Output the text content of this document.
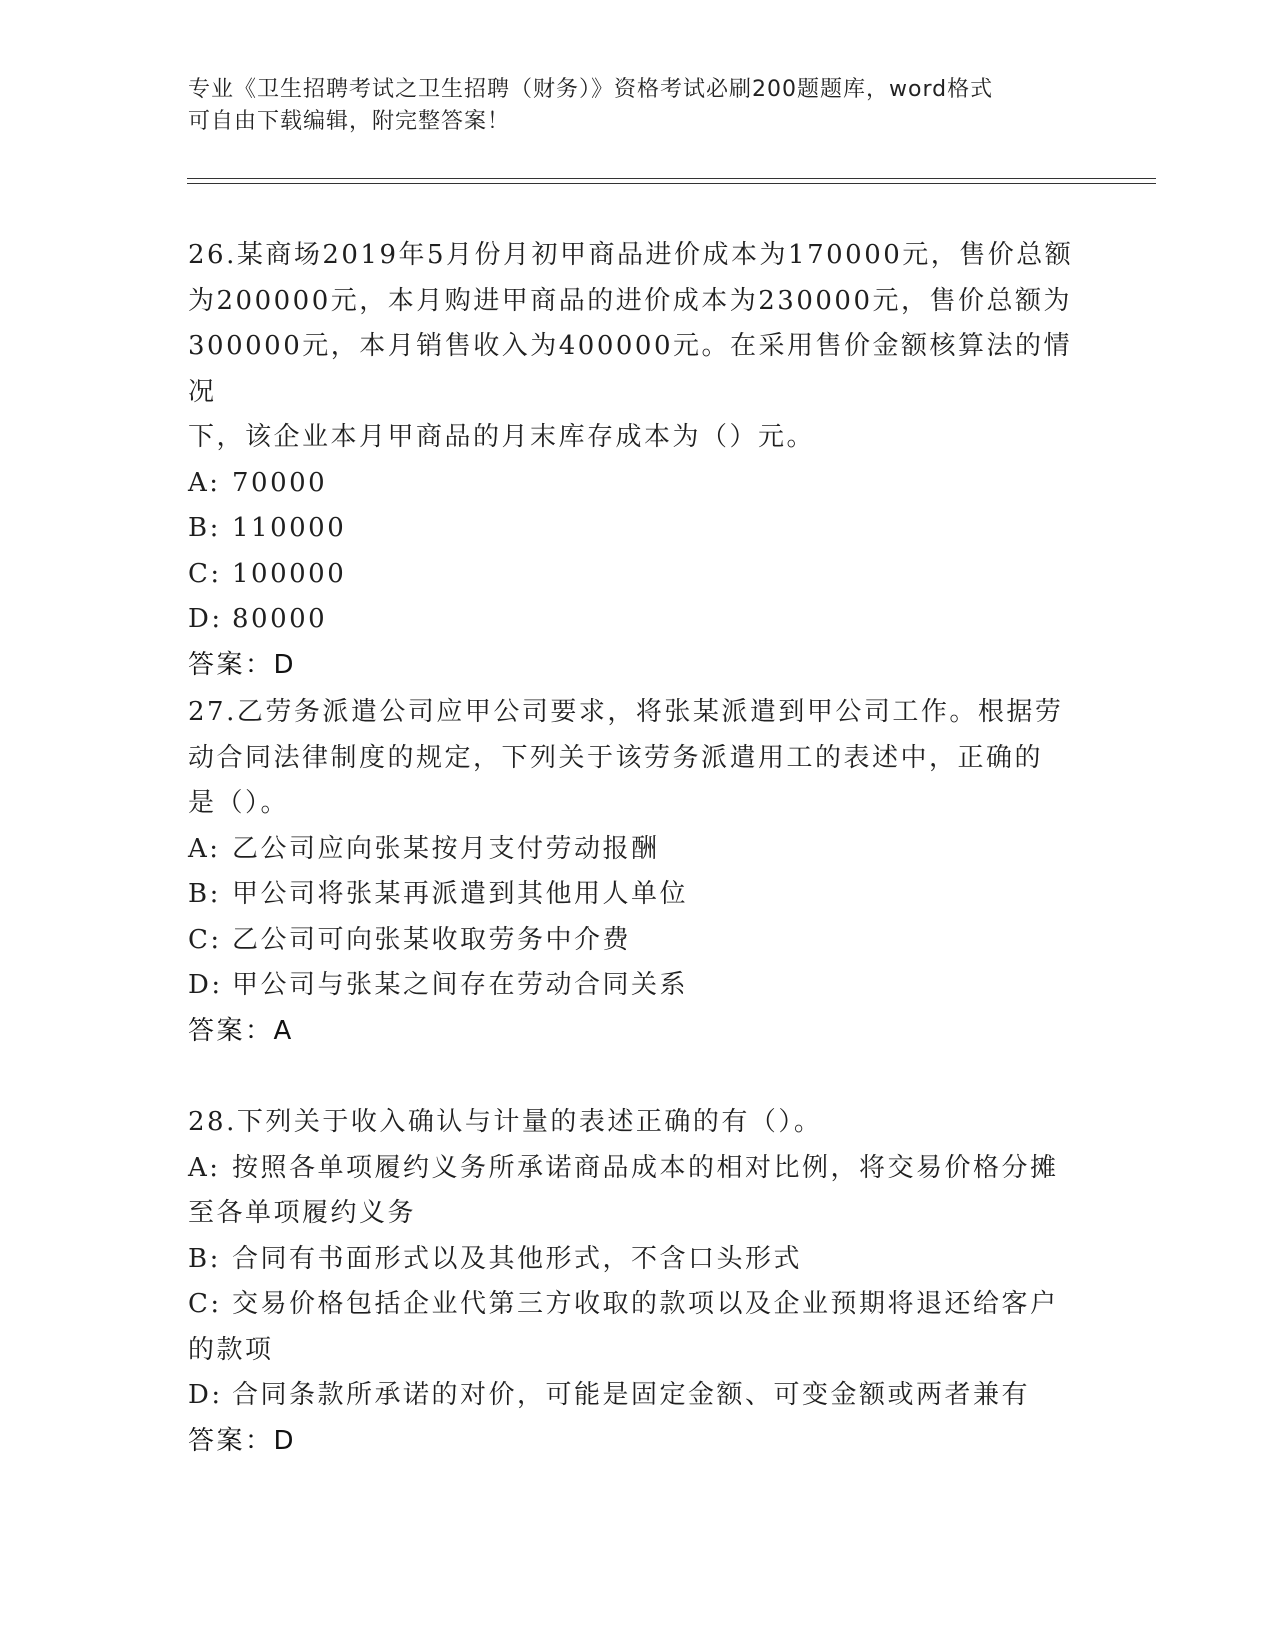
专业《卫生招聘考试之卫生招聘（财务）》资格考试必刷200题题库，word格式
可自由下载编辑，附完整答案！

26.某商场2019年5月份月初甲商品进价成本为170000元，售价总额

为200000元，本月购进甲商品的进价成本为230000元，售价总额为

300000元，本月销售收入为400000元。在采用售价金额核算法的情况

下，该企业本月甲商品的月末库存成本为（）元。

A: 70000

B: 110000

C: 100000

D: 80000

答案：D

27.乙劳务派遣公司应甲公司要求，将张某派遣到甲公司工作。根据劳

动合同法律制度的规定，下列关于该劳务派遣用工的表述中，正确的

是（）。

A: 乙公司应向张某按月支付劳动报酬

B: 甲公司将张某再派遣到其他用人单位

C: 乙公司可向张某收取劳务中介费

D: 甲公司与张某之间存在劳动合同关系

答案：A

28.下列关于收入确认与计量的表述正确的有（）。

A: 按照各单项履约义务所承诺商品成本的相对比例，将交易价格分摊

至各单项履约义务

B: 合同有书面形式以及其他形式，不含口头形式

C: 交易价格包括企业代第三方收取的款项以及企业预期将退还给客户

的款项

D: 合同条款所承诺的对价，可能是固定金额、可变金额或两者兼有

答案：D
